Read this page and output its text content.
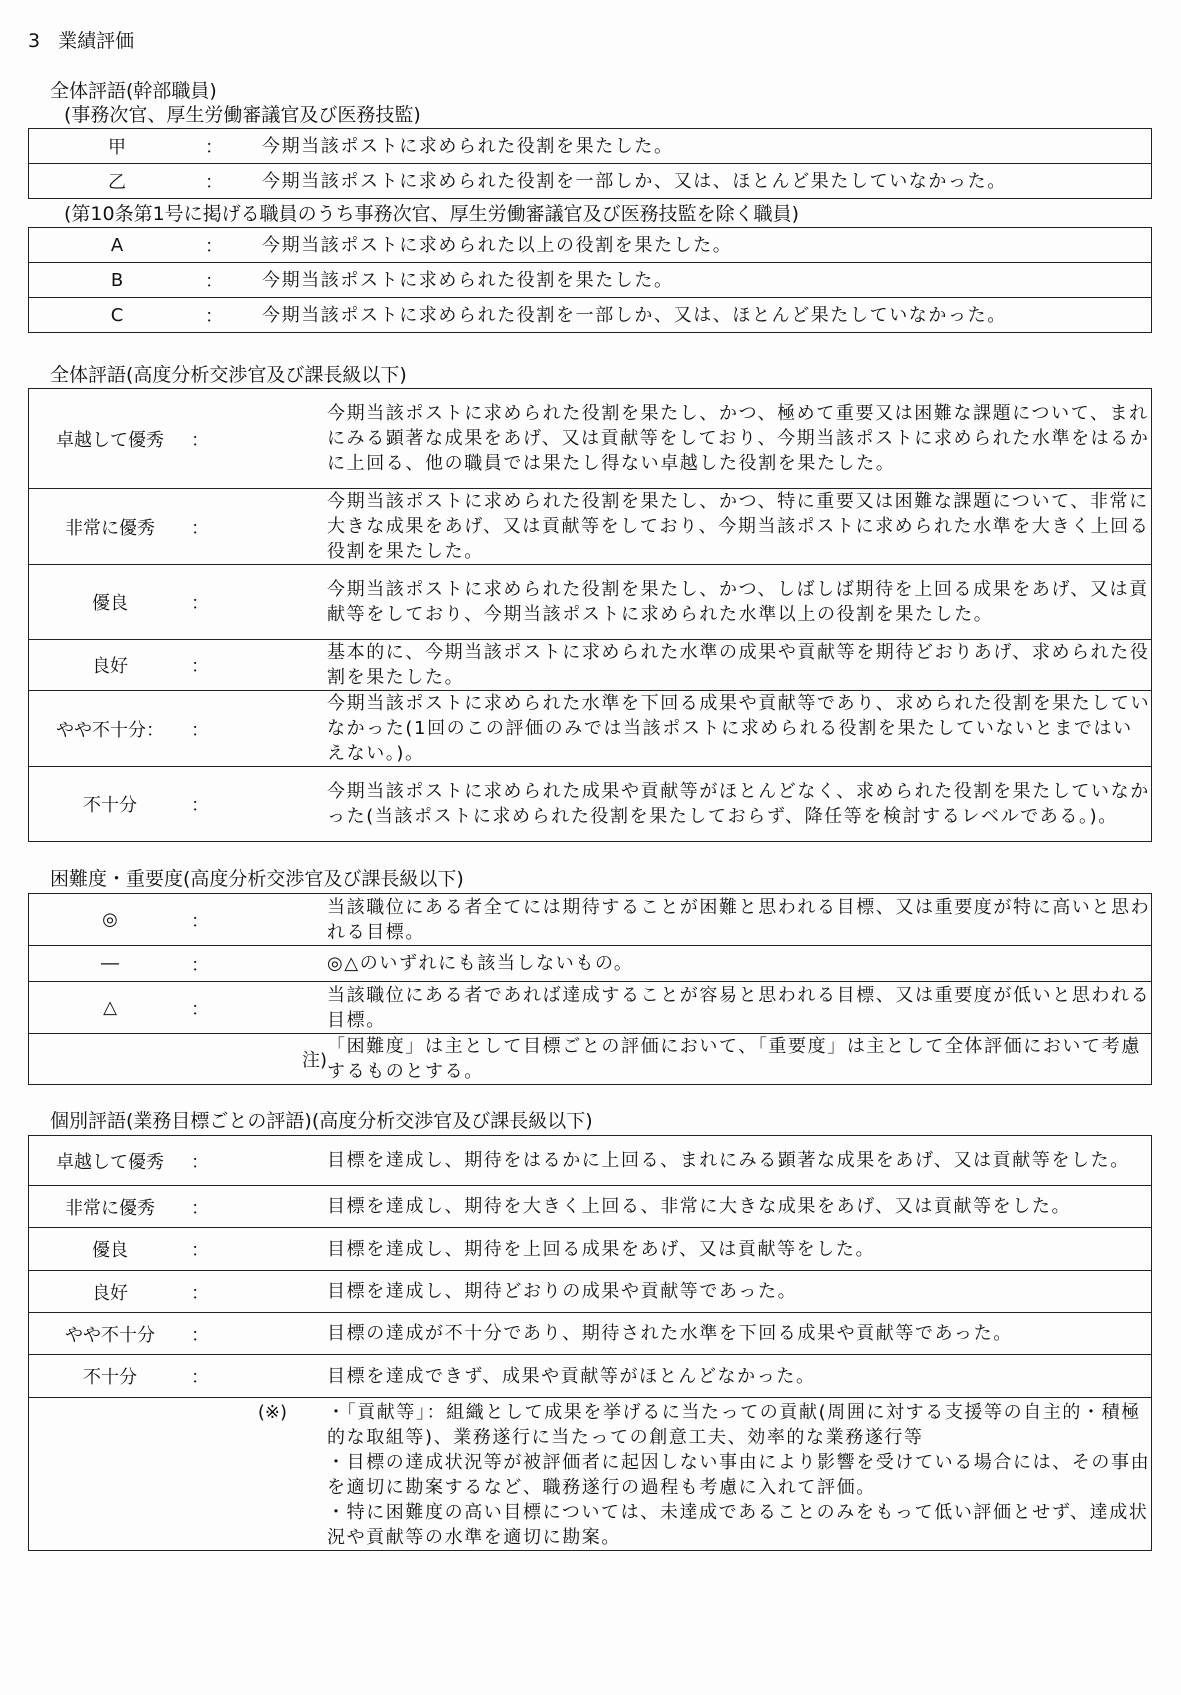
3 業績評価
全体評語(幹部職員)
(事務次官、厚生労働審議官及び医務技監)
甲	：	今期当該ポストに求められた役割を果たした。
乙	：	今期当該ポストに求められた役割を一部しか、又は、ほとんど果たしていなかった。
(第10条第1号に掲げる職員のうち事務次官、厚生労働審議官及び医務技監を除く職員)
A	：	今期当該ポストに求められた以上の役割を果たした。
B	：	今期当該ポストに求められた役割を果たした。
C	：	今期当該ポストに求められた役割を一部しか、又は、ほとんど果たしていなかった。
全体評語(高度分析交渉官及び課長級以下)
卓越して優秀	：	今期当該ポストに求められた役割を果たし、かつ、極めて重要又は困難な課題について、まれにみる顕著な成果をあげ、又は貢献等をしており、今期当該ポストに求められた水準をはるかに上回る、他の職員では果たし得ない卓越した役割を果たした。
非常に優秀	：	今期当該ポストに求められた役割を果たし、かつ、特に重要又は困難な課題について、非常に大きな成果をあげ、又は貢献等をしており、今期当該ポストに求められた水準を大きく上回る役割を果たした。
優良	：	今期当該ポストに求められた役割を果たし、かつ、しばしば期待を上回る成果をあげ、又は貢献等をしており、今期当該ポストに求められた水準以上の役割を果たした。
良好	：	基本的に、今期当該ポストに求められた水準の成果や貢献等を期待どおりあげ、求められた役割を果たした。
やや不十分：	：	今期当該ポストに求められた水準を下回る成果や貢献等であり、求められた役割を果たしていなかった(1回のこの評価のみでは当該ポストに求められる役割を果たしていないとまではいえない。)。
不十分	：	今期当該ポストに求められた成果や貢献等がほとんどなく、求められた役割を果たしていなかった(当該ポストに求められた役割を果たしておらず、降任等を検討するレベルである。)。
困難度・重要度(高度分析交渉官及び課長級以下)
◎	：	当該職位にある者全てには期待することが困難と思われる目標、又は重要度が特に高いと思われる目標。
―	：	◎△のいずれにも該当しないもの。
△	：	当該職位にある者であれば達成することが容易と思われる目標、又は重要度が低いと思われる目標。
注)		「困難度」は主として目標ごとの評価において、「重要度」は主として全体評価において考慮するものとする。
個別評語(業務目標ごとの評語)(高度分析交渉官及び課長級以下)
卓越して優秀	：	目標を達成し、期待をはるかに上回る、まれにみる顕著な成果をあげ、又は貢献等をした。
非常に優秀	：	目標を達成し、期待を大きく上回る、非常に大きな成果をあげ、又は貢献等をした。
優良	：	目標を達成し、期待を上回る成果をあげ、又は貢献等をした。
良好	：	目標を達成し、期待どおりの成果や貢献等であった。
やや不十分	：	目標の達成が不十分であり、期待された水準を下回る成果や貢献等であった。
不十分	：	目標を達成できず、成果や貢献等がほとんどなかった。
(※)		・「貢献等」：組織として成果を挙げるに当たっての貢献(周囲に対する支援等の自主的・積極的な取組等)、業務遂行に当たっての創意工夫、効率的な業務遂行等
・目標の達成状況等が被評価者に起因しない事由により影響を受けている場合には、その事由を適切に勘案するなど、職務遂行の過程も考慮に入れて評価。
・特に困難度の高い目標については、未達成であることのみをもって低い評価とせず、達成状況や貢献等の水準を適切に勘案。
